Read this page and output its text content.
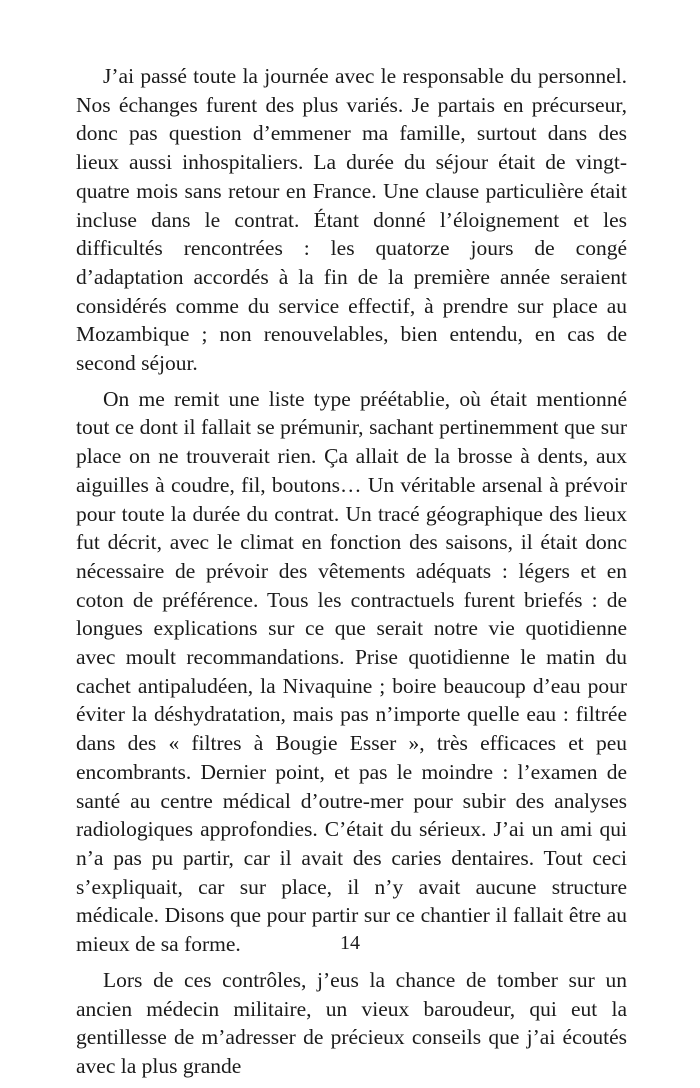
J’ai passé toute la journée avec le responsable du personnel. Nos échanges furent des plus variés. Je partais en précurseur, donc pas question d’emmener ma famille, surtout dans des lieux aussi inhospitaliers. La durée du séjour était de vingt-quatre mois sans retour en France. Une clause particulière était incluse dans le contrat. Étant donné l’éloignement et les difficultés rencontrées : les quatorze jours de congé d’adaptation accordés à la fin de la première année seraient considérés comme du service effectif, à prendre sur place au Mozambique ; non renouvelables, bien entendu, en cas de second séjour.

On me remit une liste type préétablie, où était mentionné tout ce dont il fallait se prémunir, sachant pertinemment que sur place on ne trouverait rien. Ça allait de la brosse à dents, aux aiguilles à coudre, fil, boutons… Un véritable arsenal à prévoir pour toute la durée du contrat. Un tracé géographique des lieux fut décrit, avec le climat en fonction des saisons, il était donc nécessaire de prévoir des vêtements adéquats : légers et en coton de préférence. Tous les contractuels furent briefés : de longues explications sur ce que serait notre vie quotidienne avec moult recommandations. Prise quotidienne le matin du cachet antipaludéen, la Nivaquine ; boire beaucoup d’eau pour éviter la déshydratation, mais pas n’importe quelle eau : filtrée dans des « filtres à Bougie Esser », très efficaces et peu encombrants. Dernier point, et pas le moindre : l’examen de santé au centre médical d’outre-mer pour subir des analyses radiologiques approfondies. C’était du sérieux. J’ai un ami qui n’a pas pu partir, car il avait des caries dentaires. Tout ceci s’expliquait, car sur place, il n’y avait aucune structure médicale. Disons que pour partir sur ce chantier il fallait être au mieux de sa forme.

Lors de ces contrôles, j’eus la chance de tomber sur un ancien médecin militaire, un vieux baroudeur, qui eut la gentillesse de m’adresser de précieux conseils que j’ai écoutés avec la plus grande

14
